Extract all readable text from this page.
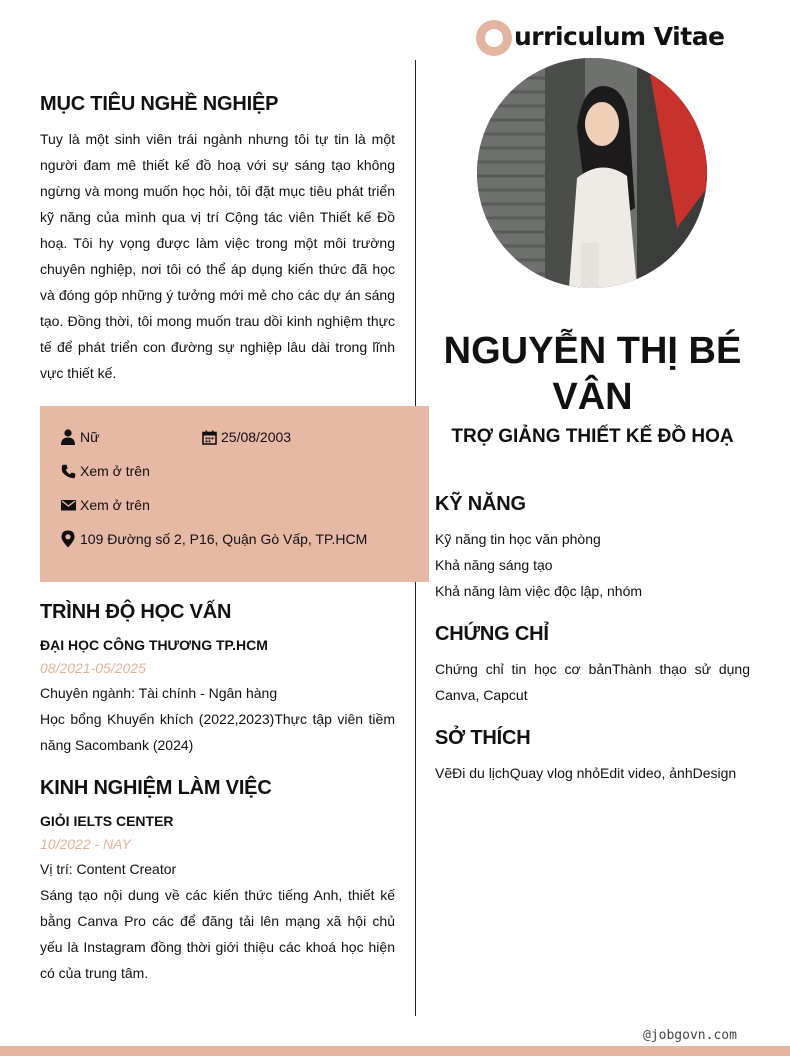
urriculum Vitae
NGUYỄN THỊ BÉ VÂN
TRỢ GIẢNG THIẾT KẾ ĐỒ HOẠ
MỤC TIÊU NGHỀ NGHIỆP
Tuy là một sinh viên trái ngành nhưng tôi tự tin là một người đam mê thiết kế đồ hoạ với sự sáng tạo không ngừng và mong muốn học hỏi, tôi đặt mục tiêu phát triển kỹ năng của mình qua vị trí Cộng tác viên Thiết kế Đồ hoạ. Tôi hy vọng được làm việc trong một môi trường chuyên nghiệp, nơi tôi có thể áp dụng kiến thức đã học và đóng góp những ý tưởng mới mẻ cho các dự án sáng tạo. Đồng thời, tôi mong muốn trau dồi kinh nghiệm thực tế để phát triển con đường sự nghiệp lâu dài trong lĩnh vực thiết kế.
Nữ	25/08/2003
Xem ở trên
Xem ở trên
109 Đường số 2, P16, Quận Gò Vấp, TP.HCM
TRÌNH ĐỘ HỌC VẤN
ĐẠI HỌC CÔNG THƯƠNG TP.HCM
08/2021-05/2025
Chuyên ngành: Tài chính - Ngân hàng
Học bổng Khuyến khích (2022,2023)Thực tập viên tiềm năng Sacombank (2024)
KINH NGHIỆM LÀM VIỆC
GIỎI IELTS CENTER
10/2022 - NAY
Vị trí: Content Creator
Sáng tạo nội dung về các kiến thức tiếng Anh, thiết kế bằng Canva Pro các để đăng tải lên mạng xã hội chủ yếu là Instagram đồng thời giới thiệu các khoá học hiện có của trung tâm.
KỸ NĂNG
Kỹ năng tin học văn phòng
Khả năng sáng tạo
Khả năng làm việc độc lập, nhóm
CHỨNG CHỈ
Chứng chỉ tin học cơ bảnThành thạo sử dụng Canva, Capcut
SỞ THÍCH
VẽĐi du lịchQuay vlog nhỏEdit video, ảnhDesign
@jobgovn.com
